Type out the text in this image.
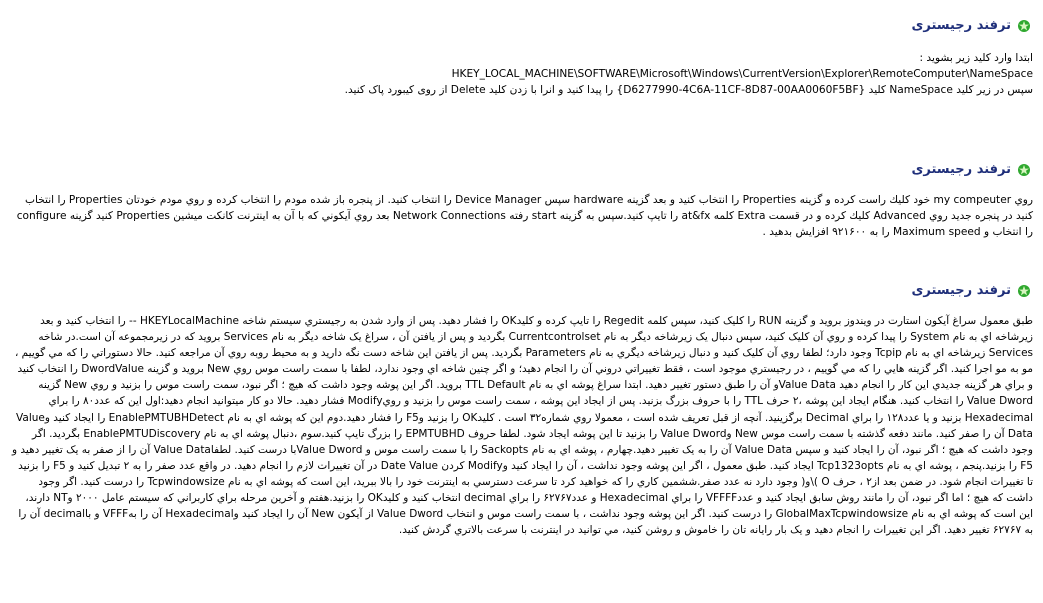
ترفند رجیستری

ابتدا وارد کلید زیر بشوید :

HKEY_LOCAL_MACHINE\SOFTWARE\Microsoft\Windows\CurrentVersion\Explorer\RemoteComputer\NameSpace

سپس در زیر کلید NameSpace کلید {D6277990-4C6A-11CF-8D87-00AA0060F5BF} را پیدا کنید و انرا با زدن کلید Delete از روی کیبورد پاک کنید.

ترفند رجیستری
روي my compeuter خود كليك راست كرده و گزينه Properties را انتخاب كنيد و بعد گزينه hardware سپس Device Manager را انتخاب كنيد. از پنجره باز شده مودم را انتخاب كرده و روي مودم خودتان Properties را انتخاب كنيد در پنجره جديد روي Advanced كليك كرده و در قسمت Extra كلمه at&fx را تايپ كنيد.سپس به گزينه start رفته Network Connections بعد روي آيكوني كه با آن به اينترنت كانكت ميشين Properties كنيد گزينه configure را انتخاب و Maximum speed را به ۹۲۱۶۰۰ افزايش بدهيد .
ترفند رجیستری
طبق معمول سراغ آيكون استارت در ويندوز برويد و گزينه RUN را كليک كنيد، سپس كلمه Regedit را تايپ كرده و كليدOK را فشار دهيد. پس از وارد شدن به رجيستري سيستم شاخه HKEYLocalMachine -- را انتخاب كنيد و بعد زيرشاخه اي به نام System را پيدا كرده و روي آن كليک كنيد، سپس دنبال يک زيرشاخه ديگر به نام Currentcontrolset بگرديد و پس از يافتن آن ، سراغ يک شاخه ديگر به نام Services برويد كه در زيرمجموعه آن است.در شاخه Services زيرشاخه اي به نام Tcpip وجود دارد؛ لطفا روي آن كليک كنيد و دنبال زيرشاخه ديگري به نام Parameters بگرديد. پس از يافتن اين شاخه دست نگه داريد و به محيط روبه روي آن مراجعه كنيد. حالا دستوراتي را كه مي گوييم ، مو به مو اجرا كنيد. اگر گزينه هايي را كه مي گوييم ، در رجيستري موجود است ، فقط تغييراتي دروني آن را انجام دهيد؛ و اگر چنين شاخه اي وجود ندارد، لطفا با سمت راست موس روي New برويد و گزينه DwordValue را انتخاب كنيد و براي هر گزينه جديدي اين كار را انجام دهيد Value Dataو آن را طبق دستور تغيير دهيد. ابتدا سراغ پوشه اي به نام TTL Default برويد. اگر اين پوشه وجود داشت كه هيچ ؛ اگر نبود، سمت راست موس را بزنيد و روي New گزينه Value Dword را انتخاب كنيد. هنگام ايجاد اين پوشه ،۲ حرف TTL را با حروف بزرگ بزنيد. پس از ايجاد اين پوشه ، سمت راست موس را بزنيد و رويModify فشار دهيد. حالا دو كار ميتوانيد انجام دهيد:اول اين كه عدد۸۰ را براي Hexadecimal بزنيد و يا عدد۱۲۸ را براي Decimal برگزينيد. آنچه از قبل تعريف شده است ، معمولا روي شماره۳۲ است . كليدOK را بزنيد وF5 را فشار دهيد.دوم اين كه پوشه اي به نام EnablePMTUBHDetect را ايجاد كنيد وValue Data آن را صفر كنيد. مانند دفعه گذشته با سمت راست موس New وValue Dword را بزنيد تا اين پوشه ايجاد شود. لطفا حروف EPMTUBHD را بزرگ تايپ كنيد.سوم ،دنبال پوشه اي به نام EnablePMTUDiscovery بگرديد. اگر وجود داشت كه هيچ ؛ اگر نبود، آن را ايجاد كنيد و سپس Value Data آن را به يک تغيير دهيد.چهارم ، پوشه اي به نام Sackopts را با سمت راست موس و Value Dwordبا درست كنيد. لطفاValue Data آن را از صفر به يک تغيير دهيد و F5 را بزنيد.پنجم ، پوشه اي به نام Tcp1323opts ايجاد كنيد. طبق معمول ، اگر اين پوشه وجود نداشت ، آن را ايجاد كنيد وModify كردن Date Value در آن تغييرات لازم را انجام دهيد. در واقع عدد صفر را به ۲ تبديل كنيد و F5 را بزنيد تا تغييرات انجام شود. در ضمن بعد از۲ ، حرف O )\و( وجود دارد نه عدد صفر.ششمين كاري را كه خواهيد كرد تا سرعت دسترسي به اينترنت خود را بالا ببريد، اين است كه پوشه اي به نام Tcpwindowsize را درست كنيد. اگر وجود داشت كه هيچ ؛ اما اگر نبود، آن را مانند روش سابق ايجاد كنيد و عددVFFFF را براي Hexadecimal و عدد۶۲۷۶۷ را براي decimal انتخاب كنيد و كليدOK را بزنيد.هفتم و آخرين مرحله براي كاربراني كه سيستم عامل ۲۰۰۰ وNT دارند، اين است كه پوشه اي به نام GlobalMaxTcpwindowsize را درست كنيد. اگر اين پوشه وجود نداشت ، با سمت راست موس و انتخاب Value Dword از آيكون New آن را ايجاد كنيد وHexadecimal آن را بهVFFF و باdecimal آن را به ۶۲۷۶۷ تغيير دهيد. اگر اين تغييرات را انجام دهيد و يک بار رايانه تان را خاموش و روشن كنيد، مي توانيد در اينترنت با سرعت بالاتري گردش كنيد.
